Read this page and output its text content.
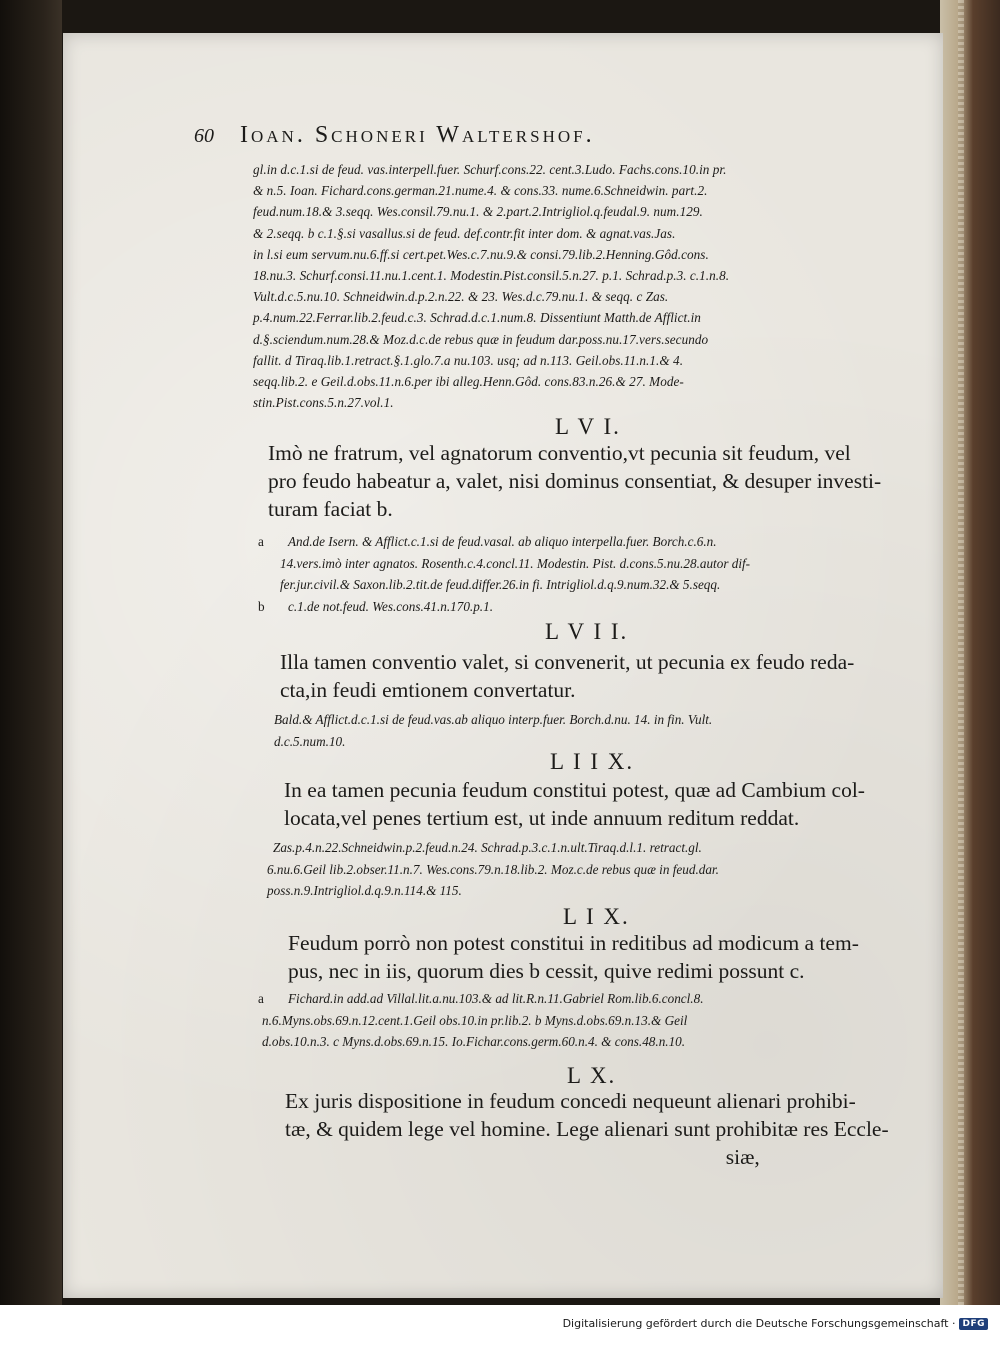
60 Ioan. Schoneri Waltershof.
gl.in d.c.1.si de feud. vas.interpell.fuer. Schurf.cons.22. cent.3.Ludo. Fachs.cons.10.in pr.
& n.5. Ioan. Fichard.cons.german.21.nume.4. & cons.33. nume.6.Schneidwin. part.2.
feud.num.18.& 3.seqq. Wes.consil.79.nu.1. & 2.part.2.Intrigliol.q.feudal.9. num.129.
& 2.seqq. b c.1.§.si vasallus.si de feud. def.contr.fit inter dom. & agnat.vas.Jas.
in l.si eum servum.nu.6.ff.si cert.pet.Wes.c.7.nu.9.& consi.79.lib.2.Henning.Gôd.cons.
18.nu.3. Schurf.consi.11.nu.1.cent.1. Modestin.Pist.consil.5.n.27. p.1. Schrad.p.3. c.1.n.8.
Vult.d.c.5.nu.10. Schneidwin.d.p.2.n.22. & 23. Wes.d.c.79.nu.1. & seqq. c Zas.
p.4.num.22.Ferrar.lib.2.feud.c.3. Schrad.d.c.1.num.8. Dissentiunt Matth.de Afflict.in
d.§.sciendum.num.28.& Moz.d.c.de rebus quæ in feudum dar.poss.nu.17.vers.secundo
fallit. d Tiraq.lib.1.retract.§.1.glo.7.a nu.103. usq; ad n.113. Geil.obs.11.n.1.& 4.
seqq.lib.2. e Geil.d.obs.11.n.6.per ibi alleg.Henn.Gôd. cons.83.n.26.& 27. Mode-
stin.Pist.cons.5.n.27.vol.1.
L V I.
Imò ne fratrum, vel agnatorum conventio,vt pecunia sit feudum, vel
pro feudo habeatur a, valet, nisi dominus consentiat, & desuper investi-
turam faciat b.
a And.de Isern. & Afflict.c.1.si de feud.vasal. ab aliquo interpella.fuer. Borch.c.6.n.
14.vers.imò inter agnatos. Rosenth.c.4.concl.11. Modestin. Pist. d.cons.5.nu.28.autor dif-
fer.jur.civil.& Saxon.lib.2.tit.de feud.differ.26.in fi. Intrigliol.d.q.9.num.32.& 5.seqq.
b c.1.de not.feud. Wes.cons.41.n.170.p.1.
L V I I.
Illa tamen conventio valet, si convenerit, ut pecunia ex feudo reda-
cta,in feudi emtionem convertatur.
Bald.& Afflict.d.c.1.si de feud.vas.ab aliquo interp.fuer. Borch.d.nu. 14. in fin. Vult.
d.c.5.num.10.
L I I X.
In ea tamen pecunia feudum constitui potest, quæ ad Cambium col-
locata,vel penes tertium est, ut inde annuum reditum reddat.
Zas.p.4.n.22.Schneidwin.p.2.feud.n.24. Schrad.p.3.c.1.n.ult.Tiraq.d.l.1. retract.gl.
6.nu.6.Geil lib.2.obser.11.n.7. Wes.cons.79.n.18.lib.2. Moz.c.de rebus quæ in feud.dar.
poss.n.9.Intrigliol.d.q.9.n.114.& 115.
L I X.
Feudum porrò non potest constitui in reditibus ad modicum a tem-
pus, nec in iis, quorum dies b cessit, quive redimi possunt c.
a Fichard.in add.ad Villal.lit.a.nu.103.& ad lit.R.n.11.Gabriel Rom.lib.6.concl.8.
n.6.Myns.obs.69.n.12.cent.1.Geil obs.10.in pr.lib.2. b Myns.d.obs.69.n.13.& Geil
d.obs.10.n.3. c Myns.d.obs.69.n.15. Io.Fichar.cons.germ.60.n.4. & cons.48.n.10.
L X.
Ex juris dispositione in feudum concedi nequeunt alienari prohibi-
tæ, & quidem lege vel homine. Lege alienari sunt prohibitæ res Eccle-
siæ,
Digitalisierung gefördert durch die Deutsche Forschungsgemeinschaft · DFG
